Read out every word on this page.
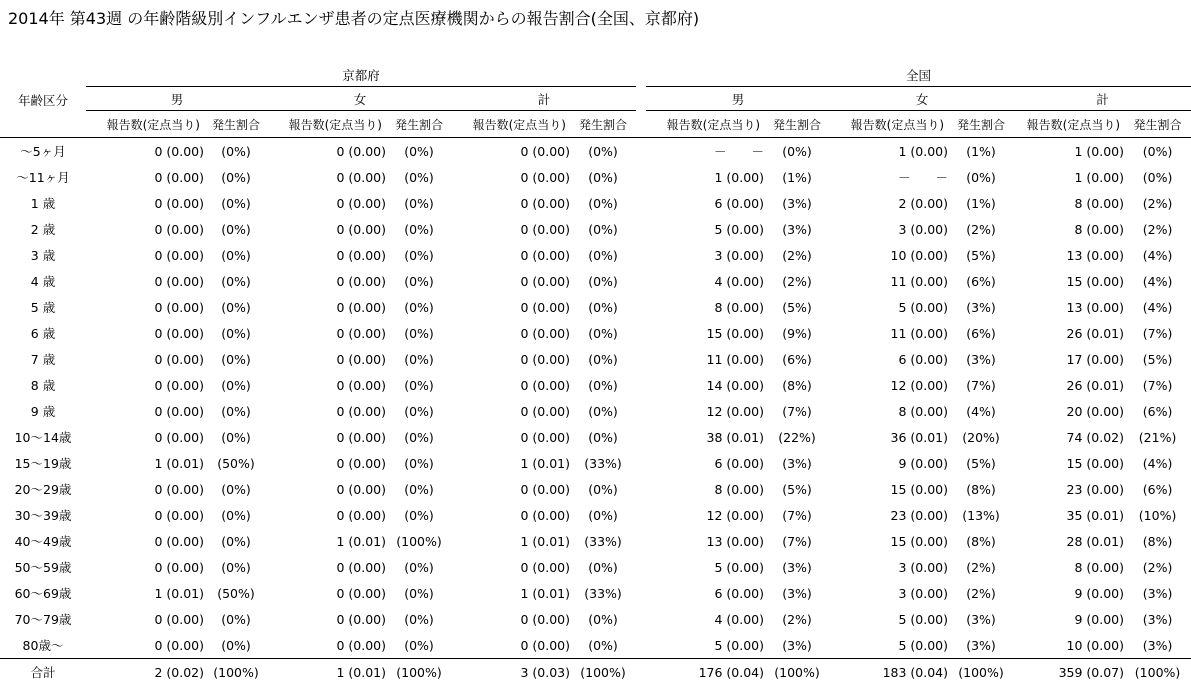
2014年 第43週 の年齢階級別インフルエンザ患者の定点医療機関からの報告割合(全国、京都府)
年齢区分	京都府							全国					
	男		女		計			男		女		計	
	報告数(定点当り)	発生割合	報告数(定点当り)	発生割合	報告数(定点当り)	発生割合		報告数(定点当り)	発生割合	報告数(定点当り)	発生割合	報告数(定点当り)	発生割合
～5ヶ月	0 (0.00)	(0%)	0 (0.00)	(0%)	0 (0.00)	(0%)		－　　－	(0%)	1 (0.00)	(1%)	1 (0.00)	(0%)
～11ヶ月	0 (0.00)	(0%)	0 (0.00)	(0%)	0 (0.00)	(0%)		1 (0.00)	(1%)	－　　－	(0%)	1 (0.00)	(0%)
1 歳	0 (0.00)	(0%)	0 (0.00)	(0%)	0 (0.00)	(0%)		6 (0.00)	(3%)	2 (0.00)	(1%)	8 (0.00)	(2%)
2 歳	0 (0.00)	(0%)	0 (0.00)	(0%)	0 (0.00)	(0%)		5 (0.00)	(3%)	3 (0.00)	(2%)	8 (0.00)	(2%)
3 歳	0 (0.00)	(0%)	0 (0.00)	(0%)	0 (0.00)	(0%)		3 (0.00)	(2%)	10 (0.00)	(5%)	13 (0.00)	(4%)
4 歳	0 (0.00)	(0%)	0 (0.00)	(0%)	0 (0.00)	(0%)		4 (0.00)	(2%)	11 (0.00)	(6%)	15 (0.00)	(4%)
5 歳	0 (0.00)	(0%)	0 (0.00)	(0%)	0 (0.00)	(0%)		8 (0.00)	(5%)	5 (0.00)	(3%)	13 (0.00)	(4%)
6 歳	0 (0.00)	(0%)	0 (0.00)	(0%)	0 (0.00)	(0%)		15 (0.00)	(9%)	11 (0.00)	(6%)	26 (0.01)	(7%)
7 歳	0 (0.00)	(0%)	0 (0.00)	(0%)	0 (0.00)	(0%)		11 (0.00)	(6%)	6 (0.00)	(3%)	17 (0.00)	(5%)
8 歳	0 (0.00)	(0%)	0 (0.00)	(0%)	0 (0.00)	(0%)		14 (0.00)	(8%)	12 (0.00)	(7%)	26 (0.01)	(7%)
9 歳	0 (0.00)	(0%)	0 (0.00)	(0%)	0 (0.00)	(0%)		12 (0.00)	(7%)	8 (0.00)	(4%)	20 (0.00)	(6%)
10～14歳	0 (0.00)	(0%)	0 (0.00)	(0%)	0 (0.00)	(0%)		38 (0.01)	(22%)	36 (0.01)	(20%)	74 (0.02)	(21%)
15～19歳	1 (0.01)	(50%)	0 (0.00)	(0%)	1 (0.01)	(33%)		6 (0.00)	(3%)	9 (0.00)	(5%)	15 (0.00)	(4%)
20～29歳	0 (0.00)	(0%)	0 (0.00)	(0%)	0 (0.00)	(0%)		8 (0.00)	(5%)	15 (0.00)	(8%)	23 (0.00)	(6%)
30～39歳	0 (0.00)	(0%)	0 (0.00)	(0%)	0 (0.00)	(0%)		12 (0.00)	(7%)	23 (0.00)	(13%)	35 (0.01)	(10%)
40～49歳	0 (0.00)	(0%)	1 (0.01)	(100%)	1 (0.01)	(33%)		13 (0.00)	(7%)	15 (0.00)	(8%)	28 (0.01)	(8%)
50～59歳	0 (0.00)	(0%)	0 (0.00)	(0%)	0 (0.00)	(0%)		5 (0.00)	(3%)	3 (0.00)	(2%)	8 (0.00)	(2%)
60～69歳	1 (0.01)	(50%)	0 (0.00)	(0%)	1 (0.01)	(33%)		6 (0.00)	(3%)	3 (0.00)	(2%)	9 (0.00)	(3%)
70～79歳	0 (0.00)	(0%)	0 (0.00)	(0%)	0 (0.00)	(0%)		4 (0.00)	(2%)	5 (0.00)	(3%)	9 (0.00)	(3%)
80歳～	0 (0.00)	(0%)	0 (0.00)	(0%)	0 (0.00)	(0%)		5 (0.00)	(3%)	5 (0.00)	(3%)	10 (0.00)	(3%)

合計	2 (0.02)	(100%)	1 (0.01)	(100%)	3 (0.03)	(100%)		176 (0.04)	(100%)	183 (0.04)	(100%)	359 (0.07)	(100%)
